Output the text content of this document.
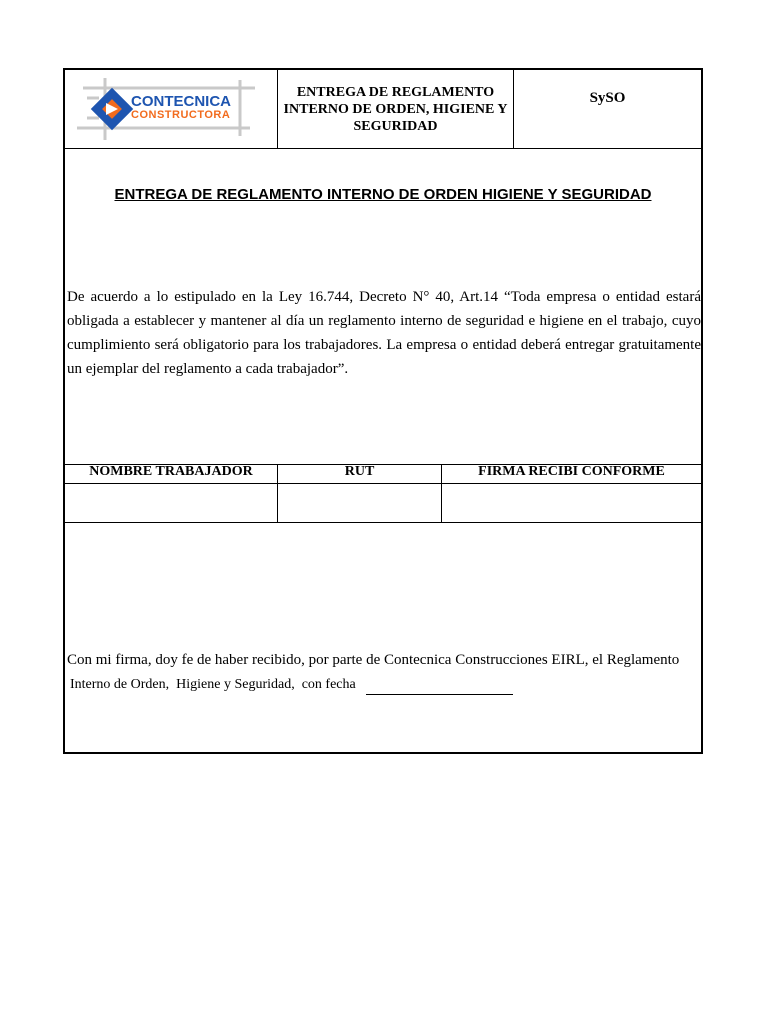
CONTECNICA
CONSTRUCTORA
ENTREGA DE REGLAMENTO
INTERNO DE ORDEN, HIGIENE Y
SEGURIDAD
SySO
ENTREGA DE REGLAMENTO INTERNO DE ORDEN HIGIENE Y SEGURIDAD
De acuerdo a lo estipulado en la Ley 16.744, Decreto N° 40, Art.14 “Toda empresa o entidad estará obligada a establecer y mantener al día un reglamento interno de seguridad e higiene en el trabajo, cuyo cumplimiento será obligatorio para los trabajadores. La empresa o entidad deberá entregar gratuitamente un ejemplar del reglamento a cada trabajador”.
NOMBRE TRABAJADOR	RUT	FIRMA RECIBI CONFORME
Con mi firma, doy fe de haber recibido, por parte de Contecnica Construcciones EIRL, el Reglamento
Interno de Orden,  Higiene y Seguridad,  con fecha
